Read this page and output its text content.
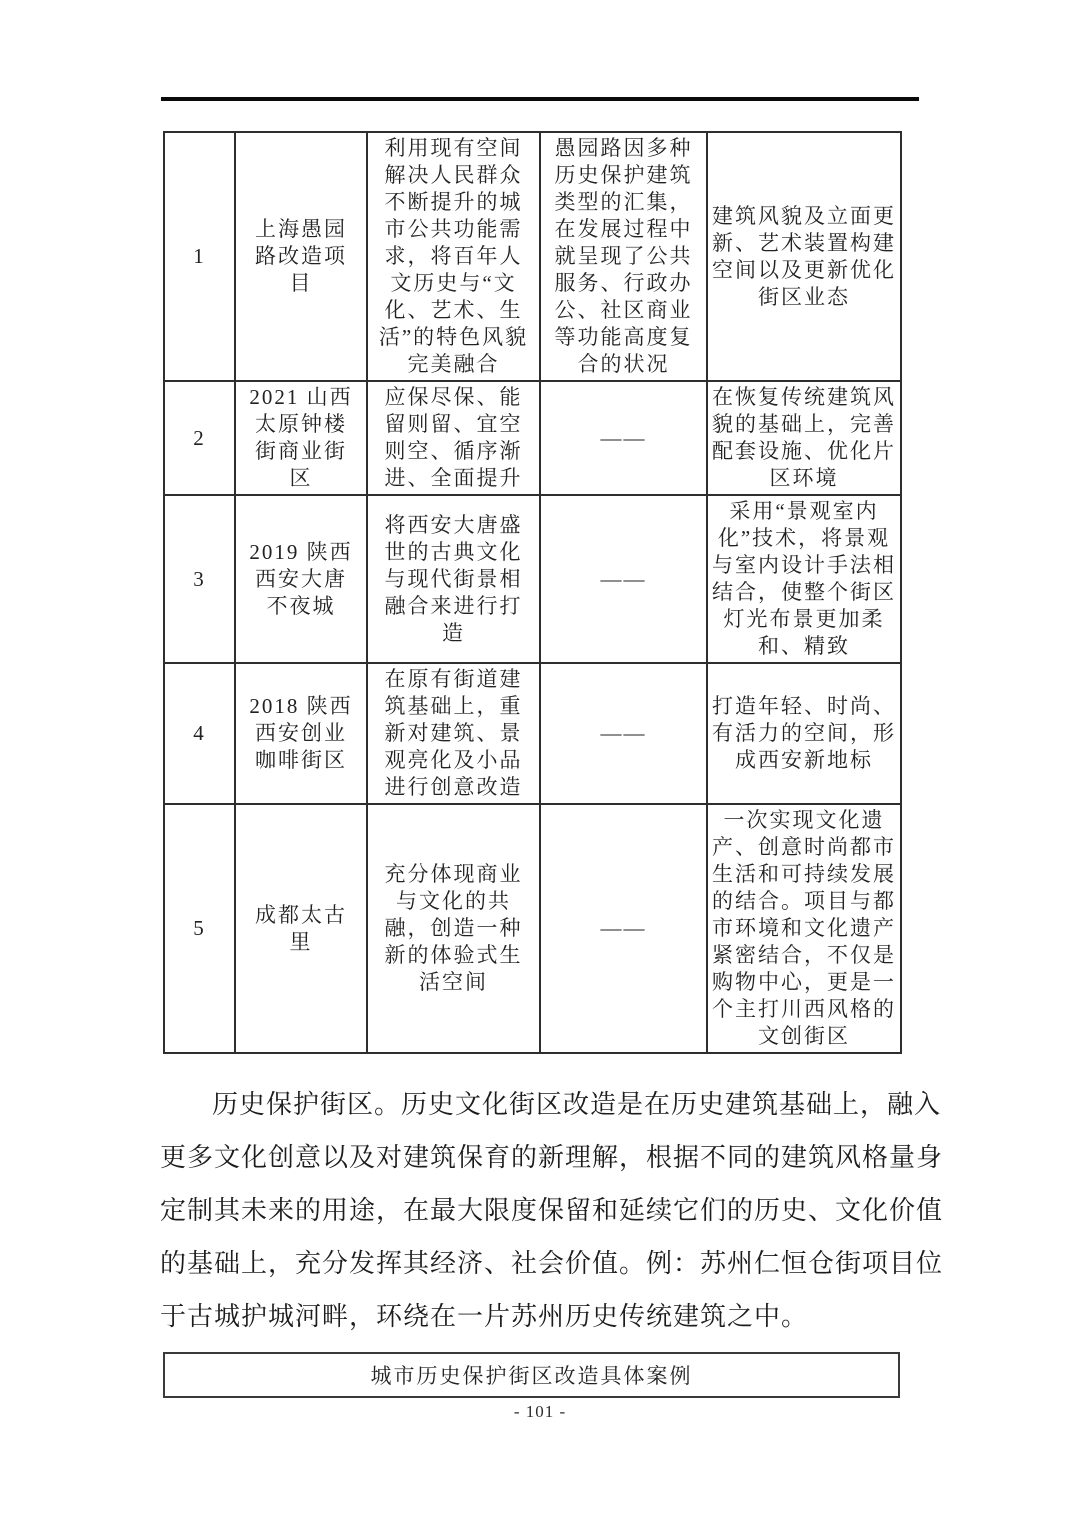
1	上海愚园路改造项目	利用现有空间解决人民群众不断提升的城市公共功能需求，将百年人文历史与“文化、艺术、生活”的特色风貌完美融合	愚园路因多种历史保护建筑类型的汇集，在发展过程中就呈现了公共服务、行政办公、社区商业等功能高度复合的状况	建筑风貌及立面更新、艺术装置构建空间以及更新优化街区业态
2	2021 山西太原钟楼街商业街区	应保尽保、能留则留、宜空则空、循序渐进、全面提升	——	在恢复传统建筑风貌的基础上，完善配套设施、优化片区环境
3	2019 陕西西安大唐不夜城	将西安大唐盛世的古典文化与现代街景相融合来进行打造	——	采用“景观室内化”技术，将景观与室内设计手法相结合，使整个街区灯光布景更加柔和、精致
4	2018 陕西西安创业咖啡街区	在原有街道建筑基础上，重新对建筑、景观亮化及小品进行创意改造	——	打造年轻、时尚、有活力的空间，形成西安新地标
5	成都太古里	充分体现商业与文化的共融，创造一种新的体验式生活空间	——	一次实现文化遗产、创意时尚都市生活和可持续发展的结合。项目与都市环境和文化遗产紧密结合，不仅是购物中心，更是一个主打川西风格的文创街区
历史保护街区。历史文化街区改造是在历史建筑基础上，融入
更多文化创意以及对建筑保育的新理解，根据不同的建筑风格量身
定制其未来的用途，在最大限度保留和延续它们的历史、文化价值
的基础上，充分发挥其经济、社会价值。例：苏州仁恒仓街项目位
于古城护城河畔，环绕在一片苏州历史传统建筑之中。
城市历史保护街区改造具体案例
- 101 -
